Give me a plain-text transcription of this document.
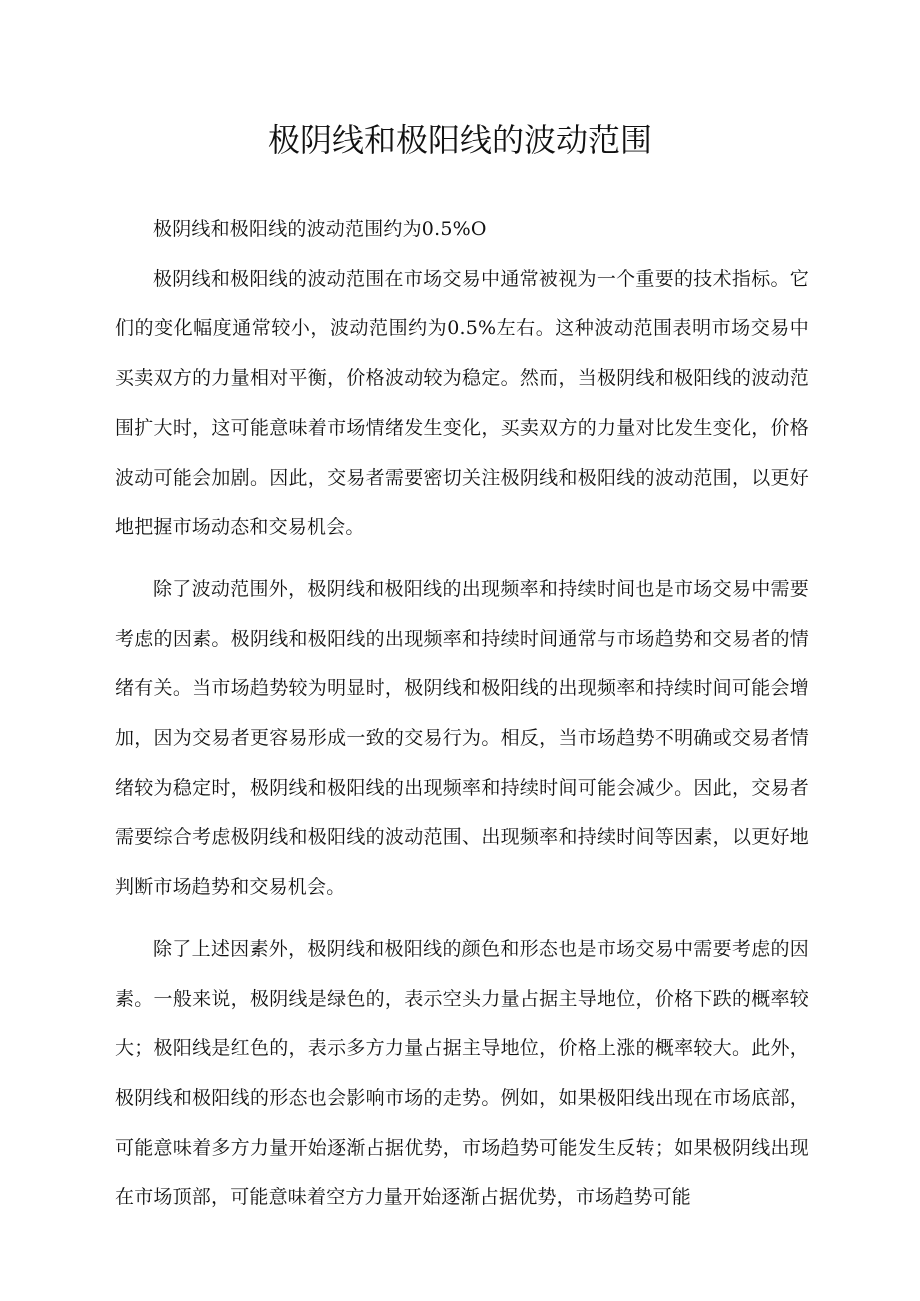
极阴线和极阳线的波动范围

极阴线和极阳线的波动范围约为0.5%O

极阴线和极阳线的波动范围在市场交易中通常被视为一个重要的技术指标。它们的变化幅度通常较小，波动范围约为0.5%左右。这种波动范围表明市场交易中买卖双方的力量相对平衡，价格波动较为稳定。然而，当极阴线和极阳线的波动范围扩大时，这可能意味着市场情绪发生变化，买卖双方的力量对比发生变化，价格波动可能会加剧。因此，交易者需要密切关注极阴线和极阳线的波动范围，以更好地把握市场动态和交易机会。

除了波动范围外，极阴线和极阳线的出现频率和持续时间也是市场交易中需要考虑的因素。极阴线和极阳线的出现频率和持续时间通常与市场趋势和交易者的情绪有关。当市场趋势较为明显时，极阴线和极阳线的出现频率和持续时间可能会增加，因为交易者更容易形成一致的交易行为。相反，当市场趋势不明确或交易者情绪较为稳定时，极阴线和极阳线的出现频率和持续时间可能会减少。因此，交易者需要综合考虑极阴线和极阳线的波动范围、出现频率和持续时间等因素，以更好地判断市场趋势和交易机会。

除了上述因素外，极阴线和极阳线的颜色和形态也是市场交易中需要考虑的因素。一般来说，极阴线是绿色的，表示空头力量占据主导地位，价格下跌的概率较大；极阳线是红色的，表示多方力量占据主导地位，价格上涨的概率较大。此外，极阴线和极阳线的形态也会影响市场的走势。例如，如果极阳线出现在市场底部，可能意味着多方力量开始逐渐占据优势，市场趋势可能发生反转；如果极阴线出现在市场顶部，可能意味着空方力量开始逐渐占据优势，市场趋势可能
